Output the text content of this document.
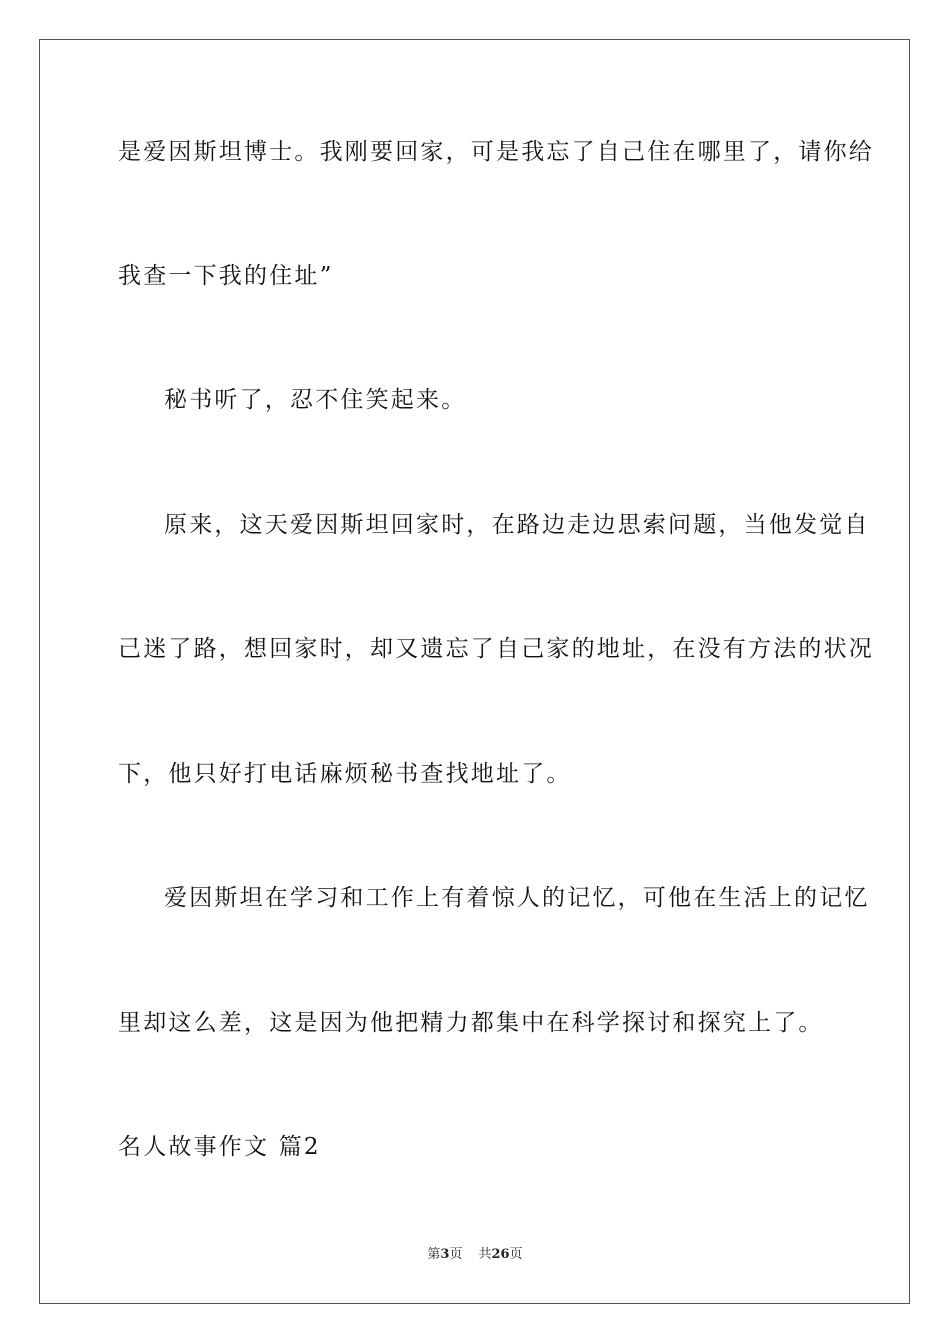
是爱因斯坦博士。我刚要回家，可是我忘了自己住在哪里了，请你给
我查一下我的住址”
秘书听了，忍不住笑起来。
原来，这天爱因斯坦回家时，在路边走边思索问题，当他发觉自
己迷了路，想回家时，却又遗忘了自己家的地址，在没有方法的状况
下，他只好打电话麻烦秘书查找地址了。
爱因斯坦在学习和工作上有着惊人的记忆，可他在生活上的记忆
里却这么差，这是因为他把精力都集中在科学探讨和探究上了。
名人故事作文 篇2
第3页 共26页
